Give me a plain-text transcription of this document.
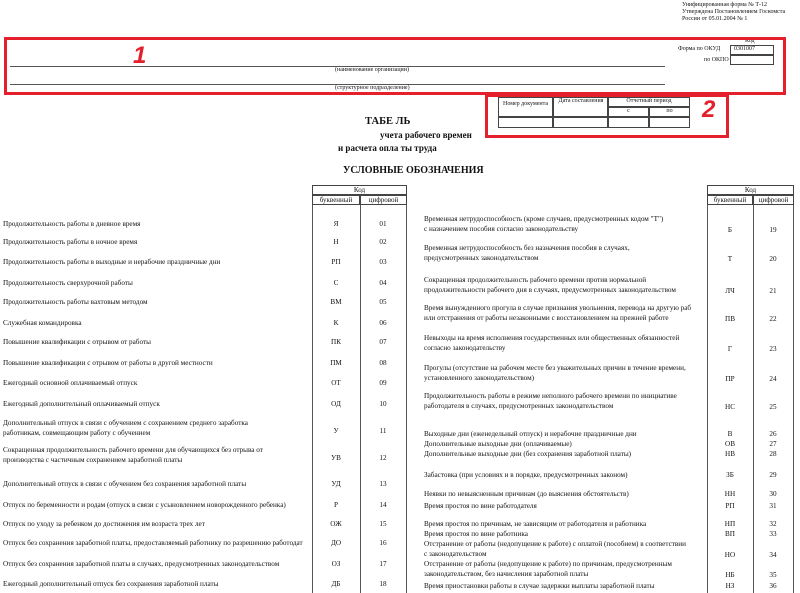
Унифицированная форма № Т-12
Утверждена Постановлением Госкомста
России от 05.01.2004 № 1
Код
0301007
Форма по ОКУД
по ОКПО
(наименование организации)
(структурное подразделение)
1
Номер документа	Дата составления	Отчетный период
с	по	2
ТАБЕ ЛЬ
учета рабочего времен
и расчета опла ты труда
УСЛОВНЫЕ ОБОЗНАЧЕНИЯ
Код
буквенный	цифровой
Код
буквенный	цифровой
Продолжительность работы в дневное время	Я	01
Продолжительность работы в ночное время	Н	02
Продолжительность работы в выходные и нерабочие праздничные дни	РП	03
Продолжительность сверхурочной работы	С	04
Продолжительность работы вахтовым методом	ВМ	05
Служебная командировка	К	06
Повышение квалификации с отрывом от работы	ПК	07
Повышение квалификации с отрывом от работы в другой местности	ПМ	08
Ежегодный основной оплачиваемый отпуск	ОТ	09
Ежегодный дополнительный оплачиваемый отпуск	ОД	10
Дополнительный отпуск в связи с обучением с сохранением среднего заработка
работникам, совмещающим работу с обучением	У	11
Сокращенная продолжительность рабочего времени для обучающихся без отрыва от
производства с частичным сохранением заработной платы	УВ	12
Дополнительный отпуск в связи с обучением без сохранения заработной платы	УД	13
Отпуск по беременности и родам (отпуск в связи с усыновлением новорожденного ребенка)	Р	14
Отпуск по уходу за ребенком до достижения им возраста трех лет	ОЖ	15
Отпуск без сохранения заработной платы, предоставляемый работнику по разрешению работодат	ДО	16
Отпуск без сохранения заработной платы в случаях, предусмотренных законодательством	ОЗ	17
Ежегодный дополнительный отпуск без сохранения заработной платы	ДБ	18
Временная нетрудоспособность (кроме случаев, предусмотренных кодом "Т")
с назначением пособия согласно законодательству	Б	19
Временная нетрудоспособность без назначения пособия в случаях,
предусмотренных законодательством	Т	20
Сокращенная продолжительность рабочего времени против нормальной
продолжительности рабочего дня в случаях, предусмотренных законодательством	ЛЧ	21
Время вынужденного прогула в случае признания увольнения, перевода на другую раб
или отстранения от работы незаконными с восстановлением на прежней работе	ПВ	22
Невыходы на время исполнения государственных или общественных обязанностей
согласно законодательству	Г	23
Прогулы (отсутствие на рабочем месте без уважительных причин в течение времени,
установленного законодательством)	ПР	24
Продолжительность работы в режиме неполного рабочего времени по инициативе
работодателя в случаях, предусмотренных законодательством	НС	25
Выходные дни (еженедельный отпуск) и нерабочие праздничные дни	В	26
Дополнительные выходные дни (оплачиваемые)	ОВ	27
Дополнительные выходные дни (без сохранения заработной платы)	НВ	28
Забастовка (при условиях и в порядке, предусмотренных законом)	ЗБ	29
Неявки по невыясненным причинам (до выяснения обстоятельств)	НН	30
Время простоя по вине работодателя	РП	31
Время простоя по причинам, не зависящим от работодателя и работника	НП	32
Время простоя по вине работника	ВП	33
Отстранение от работы (недопущение к работе) с оплатой (пособием) в соответствии
с законодательством	НО	34
Отстранение от работы (недопущение к работе) по причинам, предусмотренным
законодательством, без начисления заработной платы	НБ	35
Время приостановки работы в случае задержки выплаты заработной платы	НЗ	36
